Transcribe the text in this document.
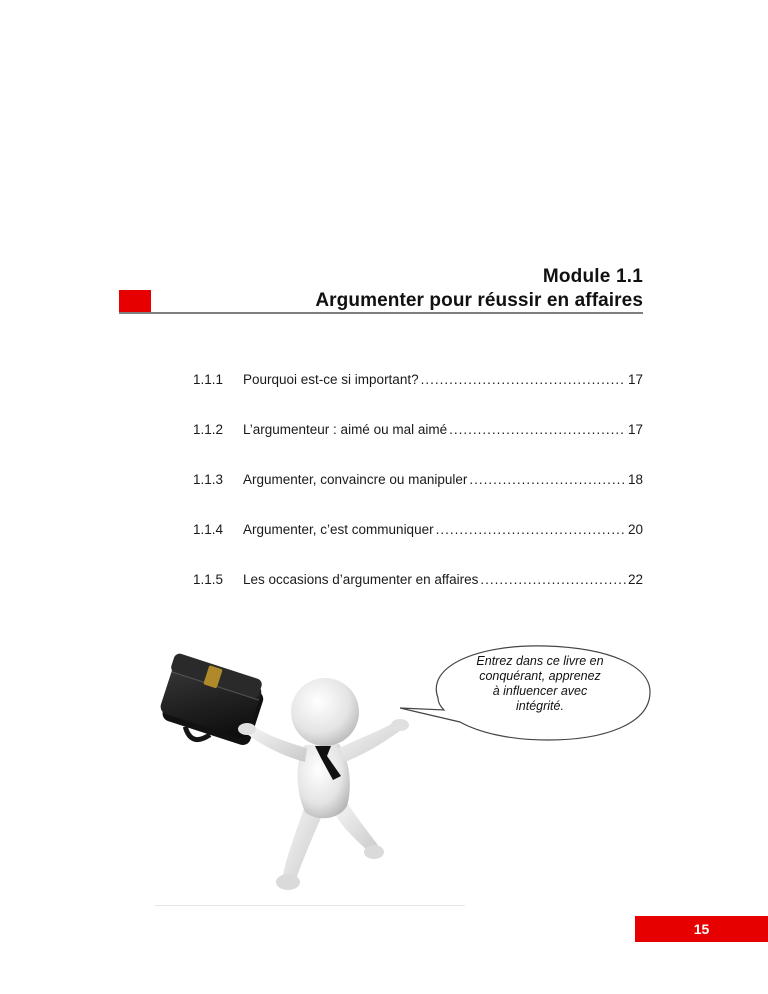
Module 1.1
Argumenter pour réussir en affaires
1.1.1	Pourquoi est-ce si important? .....	17
1.1.2	L’argumenteur : aimé ou mal aimé .....	17
1.1.3	Argumenter, convaincre ou manipuler .....	18
1.1.4	Argumenter, c’est communiquer .....	20
1.1.5	Les occasions d’argumenter en affaires .....	22
Entrez dans ce livre en
conquérant, apprenez
à influencer avec
intégrité.
15
